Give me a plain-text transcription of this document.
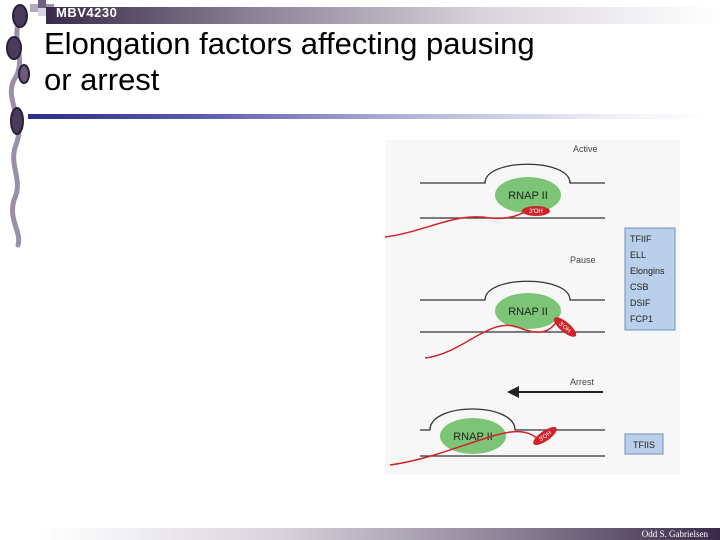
MBV4230
Elongation factors affecting pausing
or arrest
Active
RNAP II
3'OH
Pause
RNAP II
3'OH
TFIIF
ELL
Elongins
CSB
DSIF
FCP1
Arrest
RNAP II	3'OH
TFIIS
Odd S. Gabrielsen
